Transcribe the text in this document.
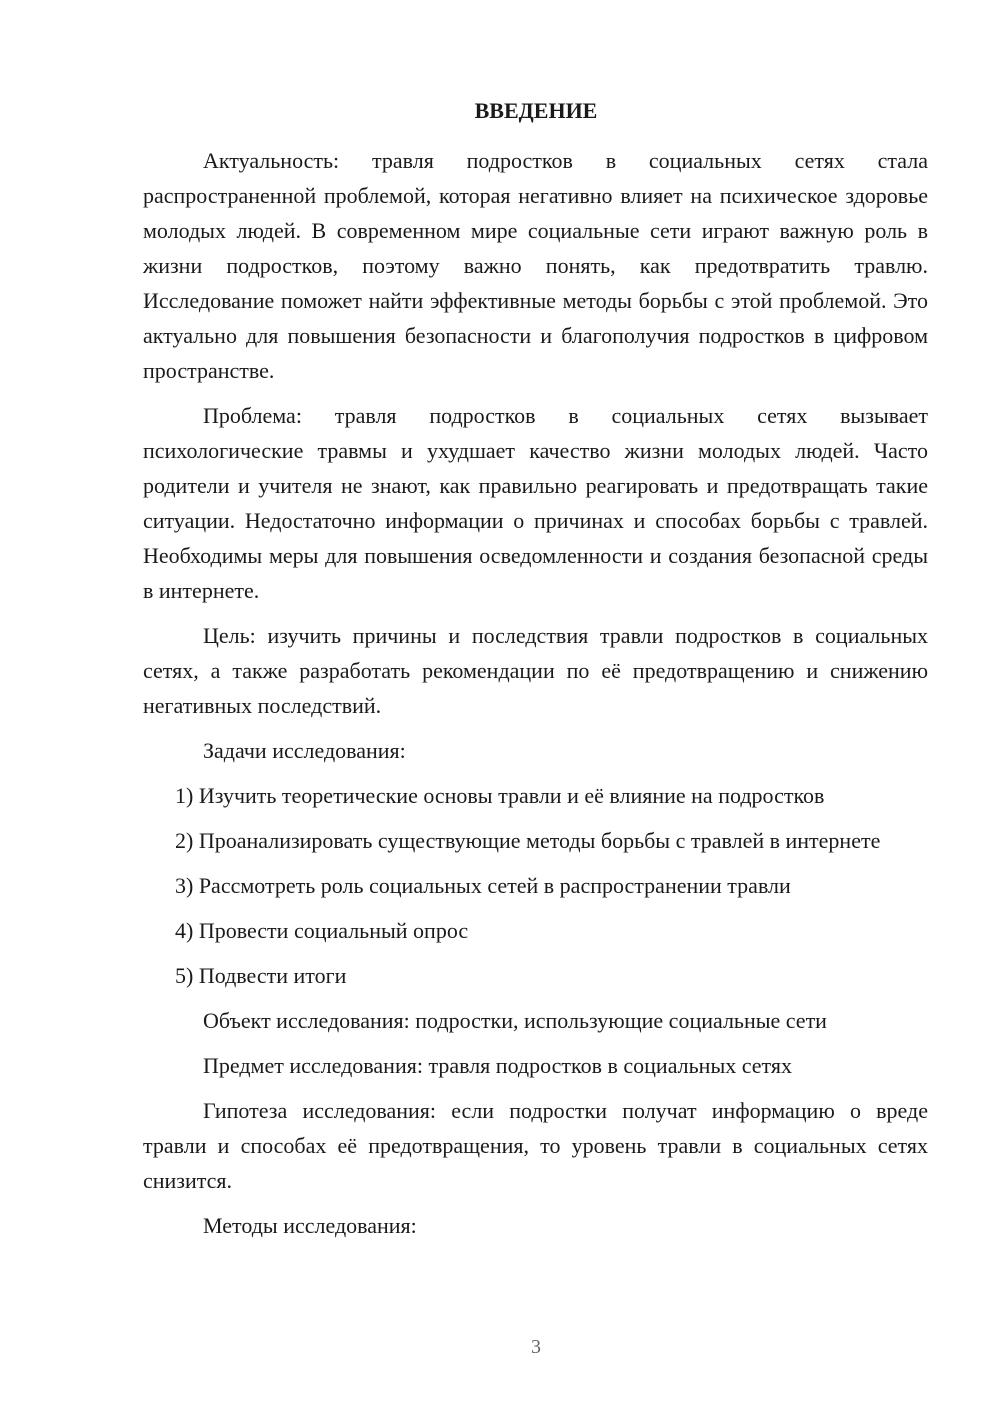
ВВЕДЕНИЕ

Актуальность: травля подростков в социальных сетях стала распространенной проблемой, которая негативно влияет на психическое здоровье молодых людей. В современном мире социальные сети играют важную роль в жизни подростков, поэтому важно понять, как предотвратить травлю. Исследование поможет найти эффективные методы борьбы с этой проблемой. Это актуально для повышения безопасности и благополучия подростков в цифровом пространстве.

Проблема: травля подростков в социальных сетях вызывает психологические травмы и ухудшает качество жизни молодых людей. Часто родители и учителя не знают, как правильно реагировать и предотвращать такие ситуации. Недостаточно информации о причинах и способах борьбы с травлей. Необходимы меры для повышения осведомленности и создания безопасной среды в интернете.

Цель: изучить причины и последствия травли подростков в социальных сетях, а также разработать рекомендации по её предотвращению и снижению негативных последствий.

Задачи исследования:

1) Изучить теоретические основы травли и её влияние на подростков

2) Проанализировать существующие методы борьбы с травлей в интернете

3) Рассмотреть роль социальных сетей в распространении травли

4) Провести социальный опрос

5) Подвести итоги

Объект исследования: подростки, использующие социальные сети

Предмет исследования: травля подростков в социальных сетях

Гипотеза исследования: если подростки получат информацию о вреде травли и способах её предотвращения, то уровень травли в социальных сетях снизится.

Методы исследования:

3
